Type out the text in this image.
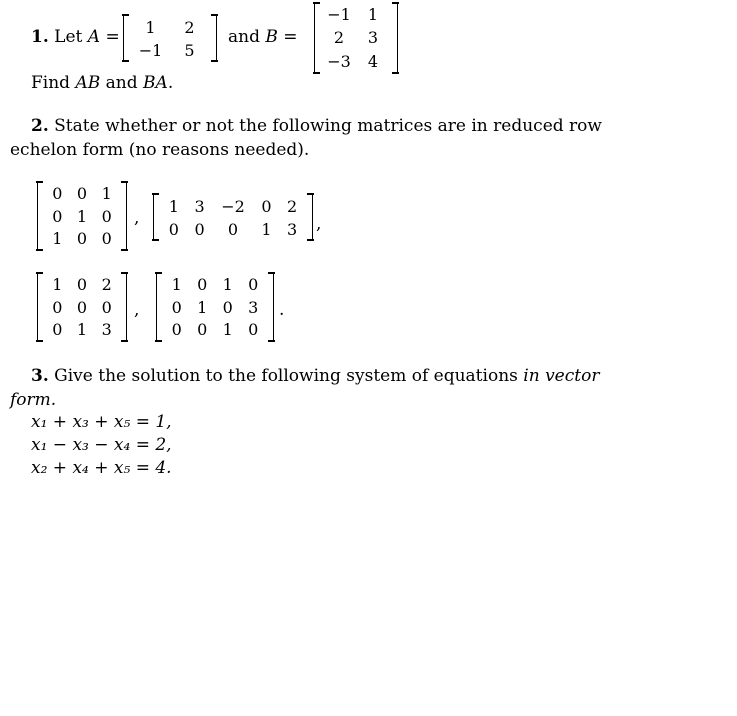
1. Let A =	1	2
−1	5
and B =
−1	1
2	3
−3	4
Find AB and BA.
2. State whether or not the following matrices are in reduced row
echelon form (no reasons needed).
0 0 1
0 1 0
1 0 0
,
1 3	−2	0 2
0 0	0	1 3	,
1 0 2
0 0 0
0 1 3
,
1 0 1 0
0 1 0 3
0 0 1 0
.
3. Give the solution to the following system of equations in vector
form.
x₁ + x₃ + x₅ = 1,
x₁ − x₃ − x₄ = 2,
x₂ + x₄ + x₅ = 4.
